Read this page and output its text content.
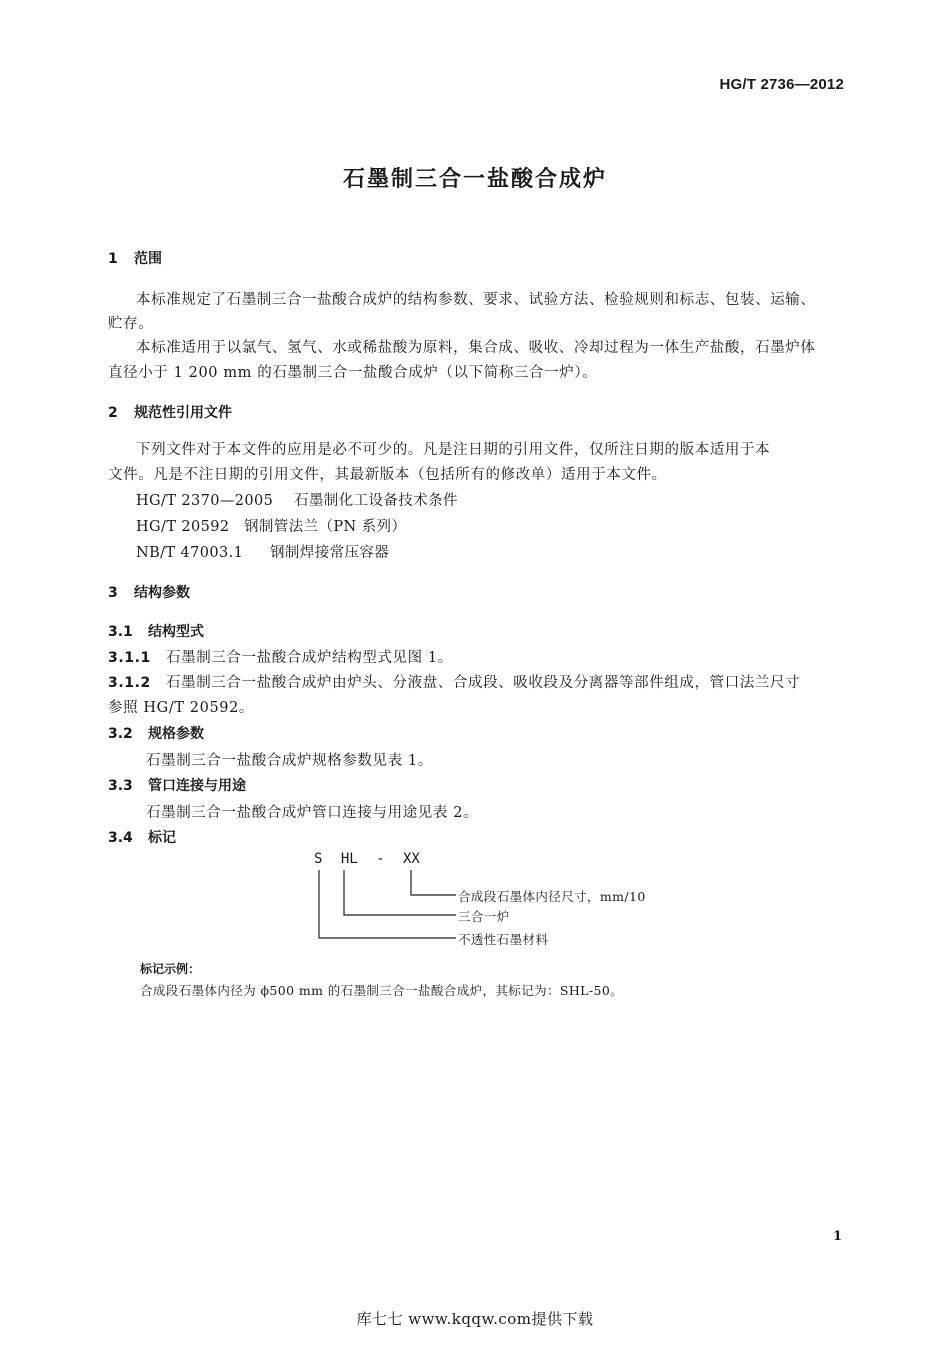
HG/T 2736—2012
石墨制三合一盐酸合成炉
1 范围
本标准规定了石墨制三合一盐酸合成炉的结构参数、要求、试验方法、检验规则和标志、包装、运输、
贮存。
本标准适用于以氯气、氢气、水或稀盐酸为原料，集合成、吸收、冷却过程为一体生产盐酸，石墨炉体
直径小于 1 200 mm 的石墨制三合一盐酸合成炉（以下简称三合一炉）。
2 规范性引用文件
下列文件对于本文件的应用是必不可少的。凡是注日期的引用文件，仅所注日期的版本适用于本
文件。凡是不注日期的引用文件，其最新版本（包括所有的修改单）适用于本文件。
HG/T 2370—2005 石墨制化工设备技术条件
HG/T 20592 钢制管法兰（PN 系列）
NB/T 47003.1 钢制焊接常压容器
3 结构参数
3.1 结构型式
3.1.1 石墨制三合一盐酸合成炉结构型式见图 1。
3.1.2 石墨制三合一盐酸合成炉由炉头、分液盘、合成段、吸收段及分离器等部件组成，管口法兰尺寸
参照 HG/T 20592。
3.2 规格参数
石墨制三合一盐酸合成炉规格参数见表 1。
3.3 管口连接与用途
石墨制三合一盐酸合成炉管口连接与用途见表 2。
3.4 标记
S HL - XX
合成段石墨体内径尺寸，mm/10
三合一炉
不透性石墨材料
标记示例：
合成段石墨体内径为 ϕ500 mm 的石墨制三合一盐酸合成炉，其标记为：SHL-50。
1
库七七 www.kqqw.com提供下载
